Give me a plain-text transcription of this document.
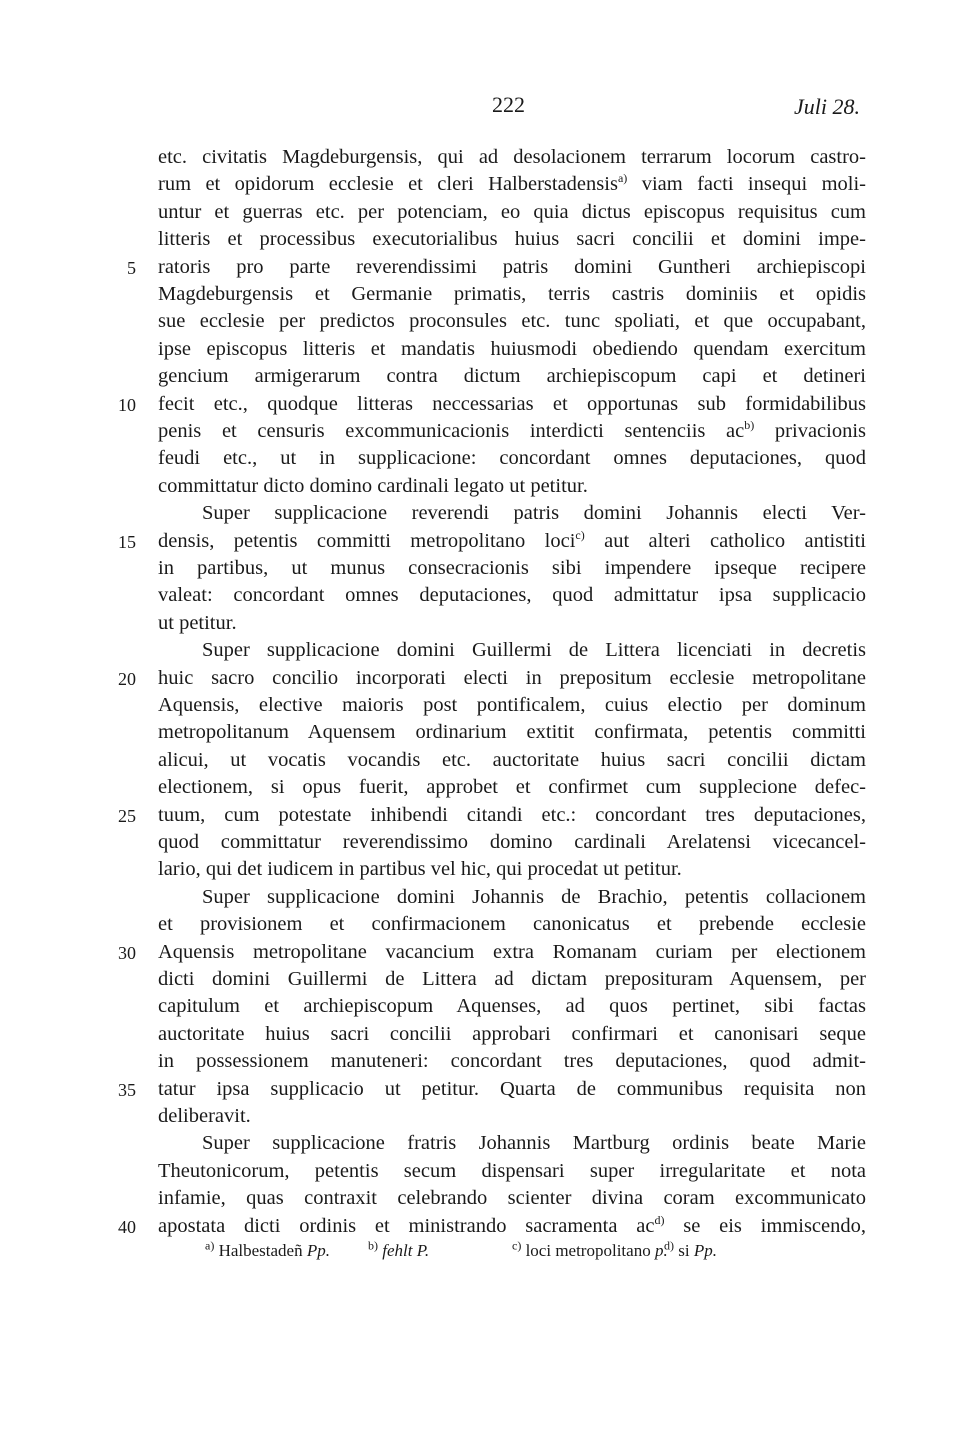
222	Juli 28.
etc. civitatis Magdeburgensis, qui ad desolacionem terrarum locorum castro-
rum et opidorum ecclesie et cleri Halberstadensis$^{a)}$ viam facti insequi moli-
untur et guerras etc. per potenciam, eo quia dictus episcopus requisitus cum
litteris et processibus executorialibus huius sacri concilii et domini impe-
ratoris pro parte reverendissimi patris domini Guntheri archiepiscopi
Magdeburgensis et Germanie primatis, terris castris dominiis et opidis
sue ecclesie per predictos proconsules etc. tunc spoliati, et que occupabant,
ipse episcopus litteris et mandatis huiusmodi obediendo quendam exercitum
gencium armigerarum contra dictum archiepiscopum capi et detineri
fecit etc., quodque litteras neccessarias et opportunas sub formidabilibus
penis et censuris excommunicacionis interdicti sentenciis $ac^{b)}$ privacionis
feudi etc., ut in supplicacione: concordant omnes deputaciones, quod
committatur dicto domino cardinali legato ut petitur.
Super supplicacione reverendi patris domini Johannis electi Ver-
densis, petentis committi metropolitano loci$^{c)}$ aut alteri catholico antistiti
in partibus, ut munus consecracionis sibi impendere ipseque recipere
valeat: concordant omnes deputaciones, quod admittatur ipsa supplicacio
ut petitur.
Super supplicacione domini Guillermi de Littera licenciati in decretis
huic sacro concilio incorporati electi in prepositum ecclesie metropolitane
Aquensis, elective maioris post pontificalem, cuius electio per dominum
metropolitanum Aquensem ordinarium extitit confirmata, petentis committi
alicui, ut vocatis vocandis etc. auctoritate huius sacri concilii dictam
electionem, si opus fuerit, approbet et confirmet cum supplecione defec-
tuum, cum potestate inhibendi citandi etc.: concordant tres deputaciones,
quod committatur reverendissimo domino cardinali Arelatensi vicecancel-
lario, qui det iudicem in partibus vel hic, qui procedat ut petitur.
Super supplicacione domini Johannis de Brachio, petentis collacionem
et provisionem et confirmacionem canonicatus et prebende ecclesie
Aquensis metropolitane vacancium extra Romanam curiam per electionem
dicti domini Guillermi de Littera ad dictam preposituram Aquensem, per
capitulum et archiepiscopum Aquenses, ad quos pertinet, sibi factas
auctoritate huius sacri concilii approbari confirmari et canonisari seque
in possessionem manuteneri: concordant tres deputaciones, quod admit-
tatur ipsa supplicacio ut petitur. Quarta de communibus requisita non
deliberavit.
Super supplicacione fratris Johannis Martburg ordinis beate Marie
Theutonicorum, petentis secum dispensari super irregularitate et nota
infamie, quas contraxit celebrando scienter divina coram excommunicato
apostata dicti ordinis et ministrando sacramenta $ac^{d)}$ se eis immiscendo,
5
10
15
20
25
30
35
40
$^{a)}$ Halbestadeñ Pp.	$^{b)}$ fehlt P.	$^{c)}$ loci metropolitano p.
$^{d)}$ si Pp.
